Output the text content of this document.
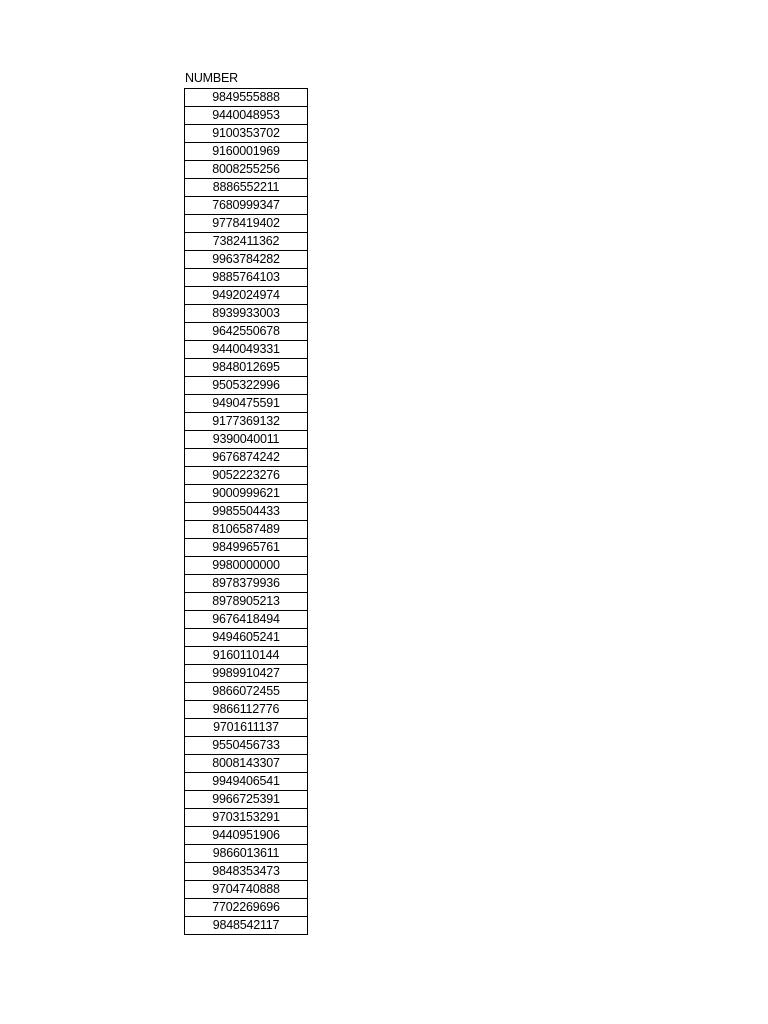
NUMBER
9849555888
9440048953
9100353702
9160001969
8008255256
8886552211
7680999347
9778419402
7382411362
9963784282
9885764103
9492024974
8939933003
9642550678
9440049331
9848012695
9505322996
9490475591
9177369132
9390040011
9676874242
9052223276
9000999621
9985504433
8106587489
9849965761
9980000000
8978379936
8978905213
9676418494
9494605241
9160110144
9989910427
9866072455
9866112776
9701611137
9550456733
8008143307
9949406541
9966725391
9703153291
9440951906
9866013611
9848353473
9704740888
7702269696
9848542117
